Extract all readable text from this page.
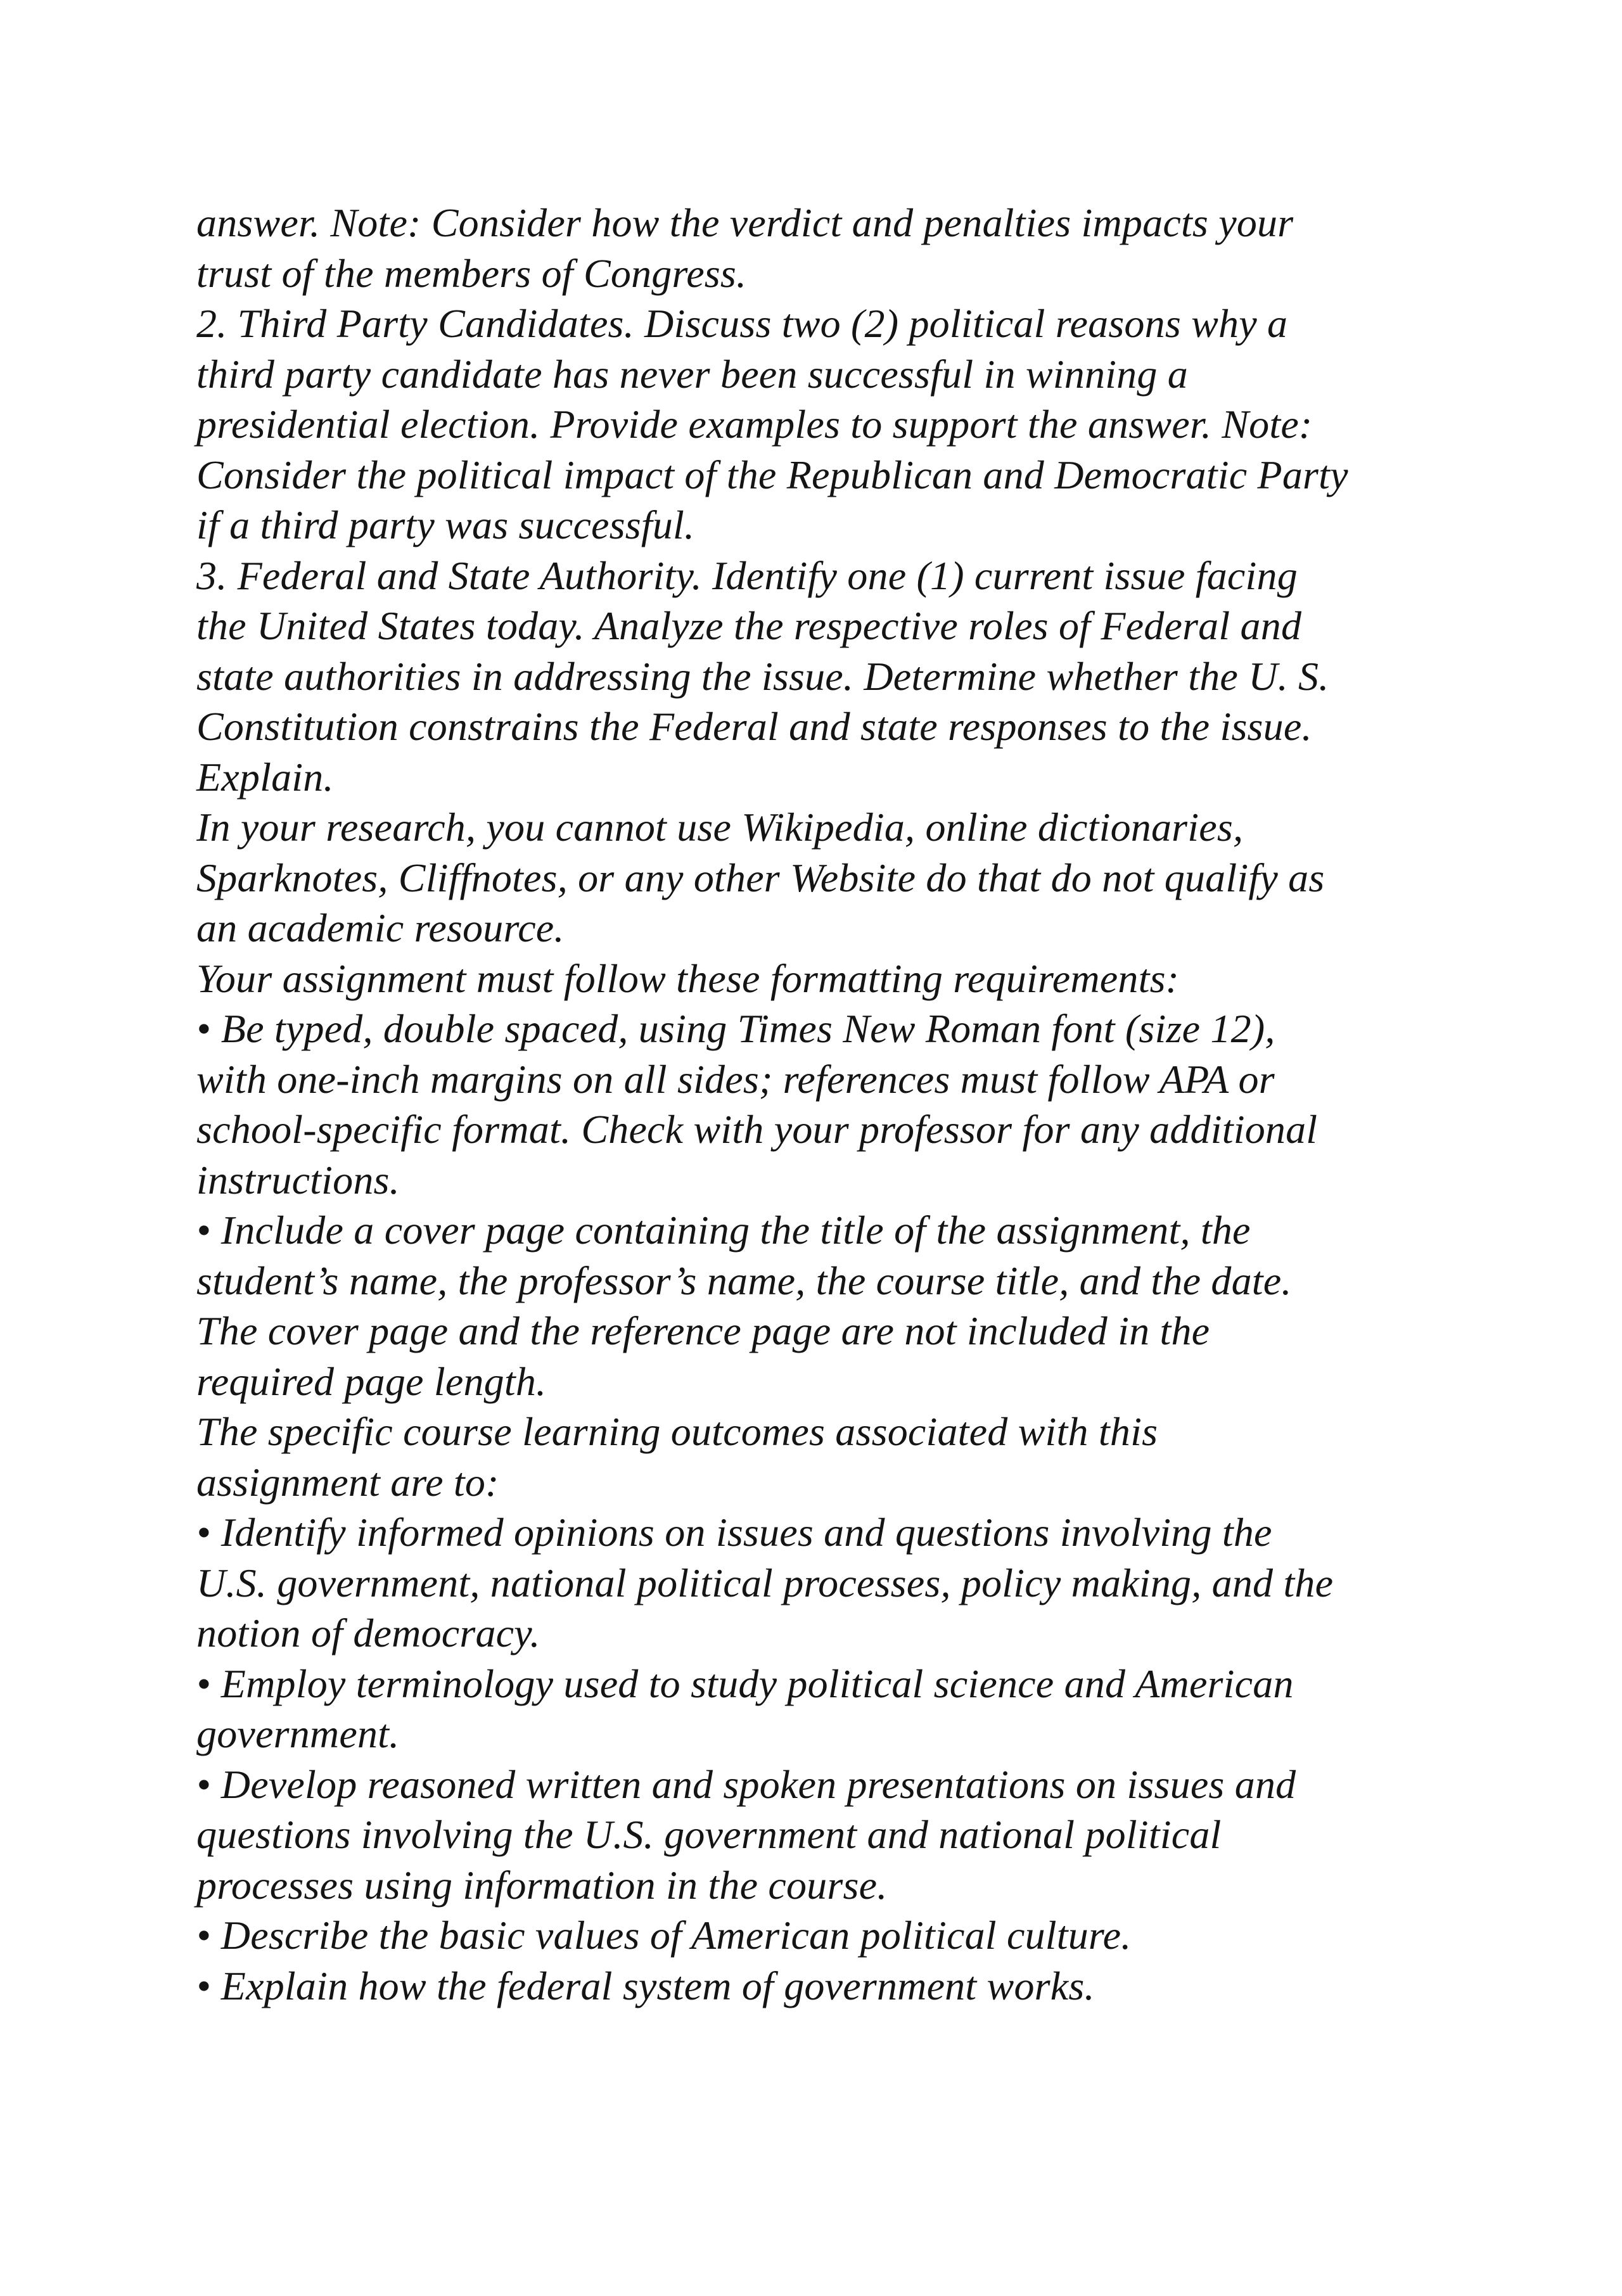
answer. Note: Consider how the verdict and penalties impacts your
trust of the members of Congress.
2. Third Party Candidates. Discuss two (2) political reasons why a
third party candidate has never been successful in winning a
presidential election. Provide examples to support the answer. Note:
Consider the political impact of the Republican and Democratic Party
if a third party was successful.
3. Federal and State Authority. Identify one (1) current issue facing
the United States today. Analyze the respective roles of Federal and
state authorities in addressing the issue. Determine whether the U. S.
Constitution constrains the Federal and state responses to the issue.
Explain.
In your research, you cannot use Wikipedia, online dictionaries,
Sparknotes, Cliffnotes, or any other Website do that do not qualify as
an academic resource.
Your assignment must follow these formatting requirements:
• Be typed, double spaced, using Times New Roman font (size 12),
with one-inch margins on all sides; references must follow APA or
school-specific format. Check with your professor for any additional
instructions.
• Include a cover page containing the title of the assignment, the
student’s name, the professor’s name, the course title, and the date.
The cover page and the reference page are not included in the
required page length.
The specific course learning outcomes associated with this
assignment are to:
• Identify informed opinions on issues and questions involving the
U.S. government, national political processes, policy making, and the
notion of democracy.
• Employ terminology used to study political science and American
government.
• Develop reasoned written and spoken presentations on issues and
questions involving the U.S. government and national political
processes using information in the course.
• Describe the basic values of American political culture.
• Explain how the federal system of government works.
